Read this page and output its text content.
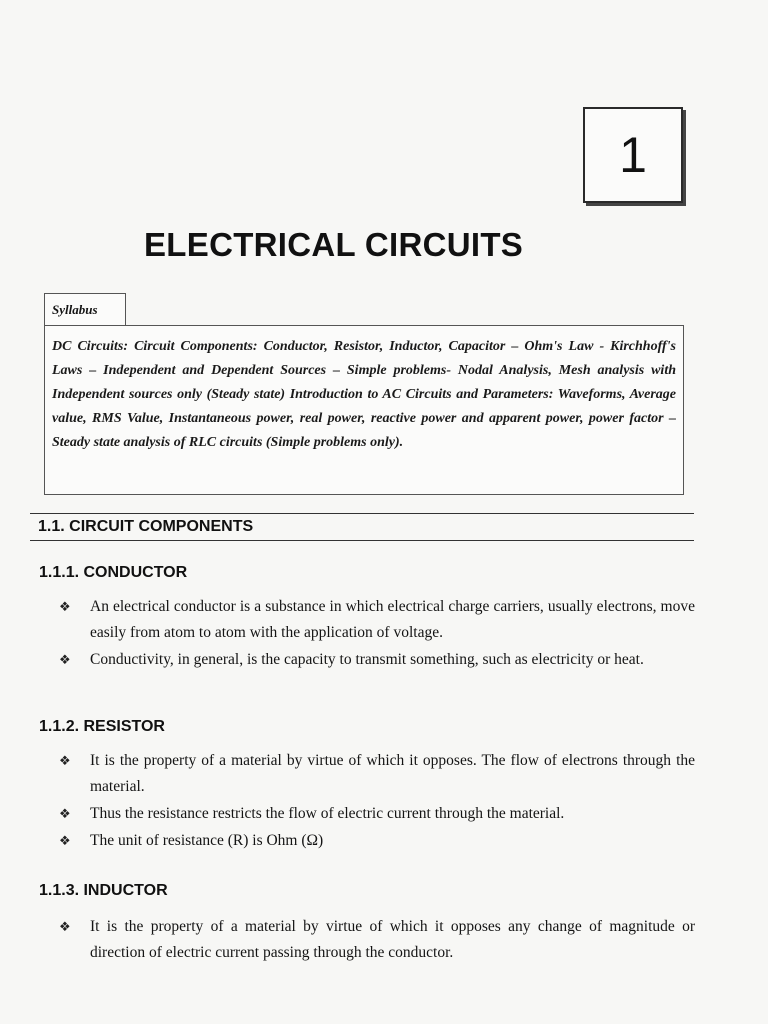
1
ELECTRICAL CIRCUITS
Syllabus

DC Circuits: Circuit Components: Conductor, Resistor, Inductor, Capacitor – Ohm's Law - Kirchhoff's Laws – Independent and Dependent Sources – Simple problems- Nodal Analysis, Mesh analysis with Independent sources only (Steady state) Introduction to AC Circuits and Parameters: Waveforms, Average value, RMS Value, Instantaneous power, real power, reactive power and apparent power, power factor – Steady state analysis of RLC circuits (Simple problems only).

1.1. CIRCUIT COMPONENTS
1.1.1. CONDUCTOR
❖ An electrical conductor is a substance in which electrical charge carriers, usually electrons, move easily from atom to atom with the application of voltage.
❖ Conductivity, in general, is the capacity to transmit something, such as electricity or heat.
1.1.2. RESISTOR
❖ It is the property of a material by virtue of which it opposes. The flow of electrons through the material.
❖ Thus the resistance restricts the flow of electric current through the material.
❖ The unit of resistance (R) is Ohm (Ω)
1.1.3. INDUCTOR
❖ It is the property of a material by virtue of which it opposes any change of magnitude or direction of electric current passing through the conductor.
